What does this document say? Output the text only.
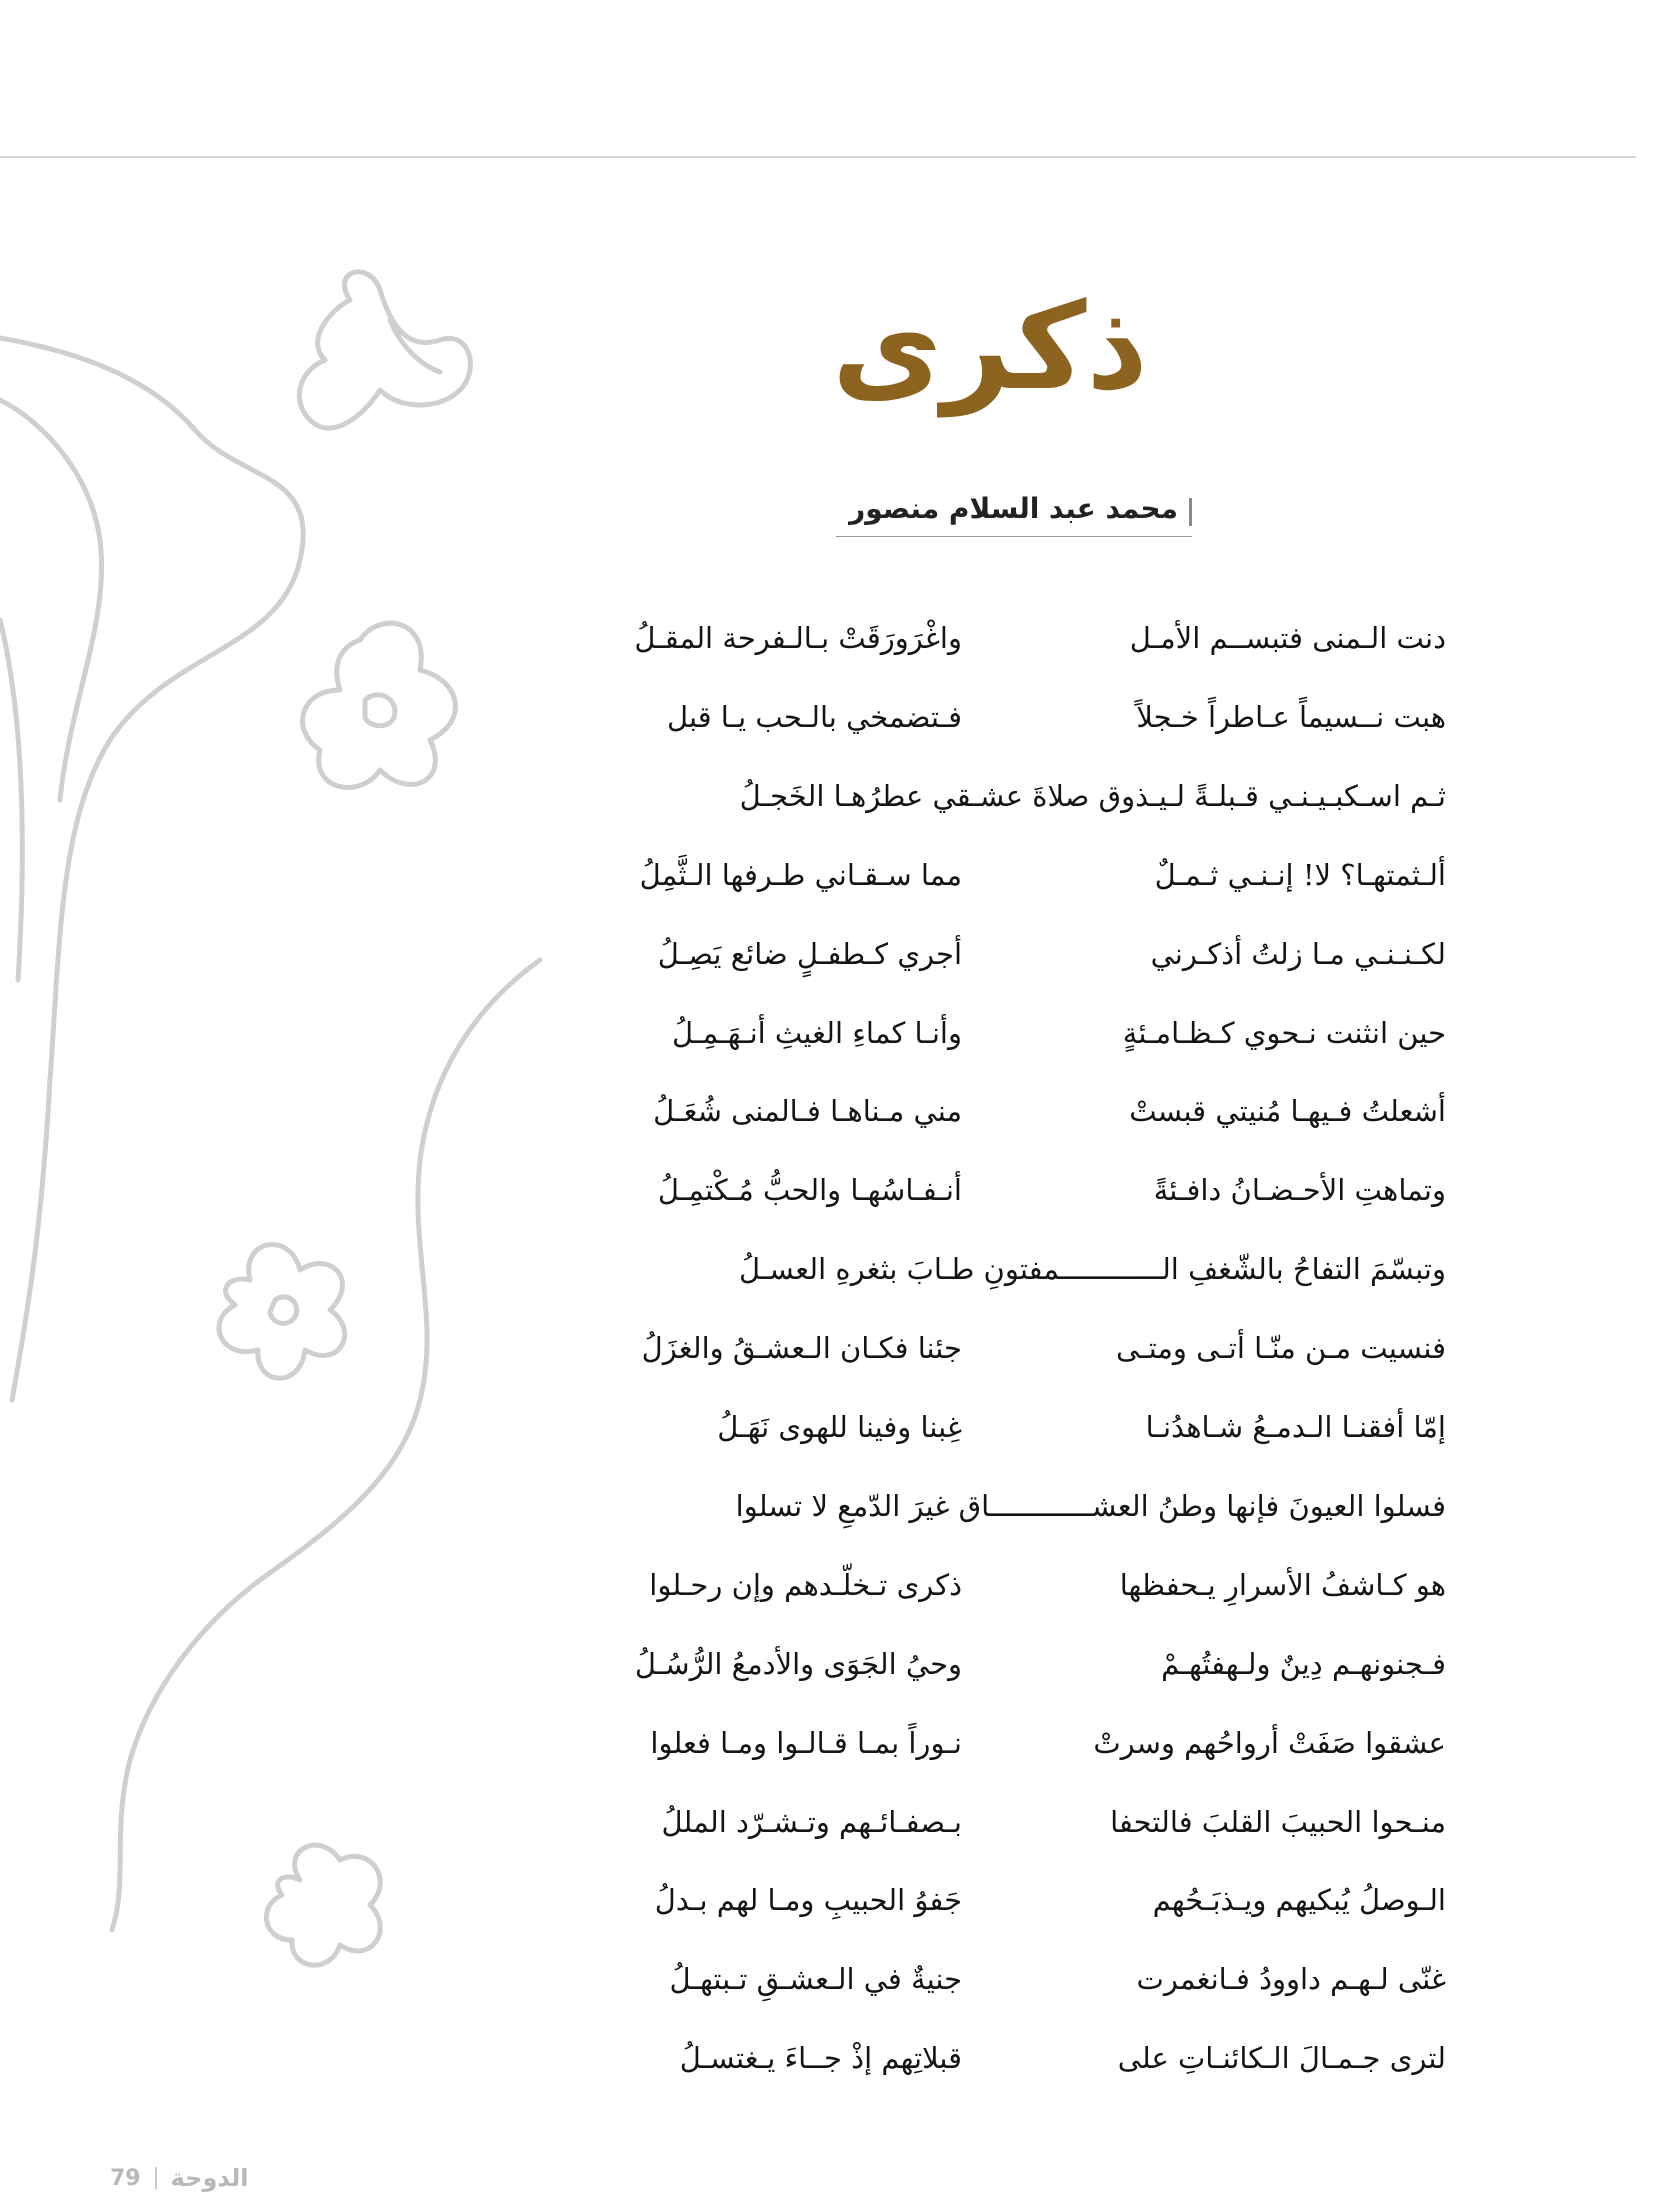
ذكرى
محمد عبد السلام منصور
دنت الـمنى فتبســم الأمـل
واغْرَورَقَتْ بـالـفرحة المقـلُ
هبت نــسيماً عـاطراً خـجلاً
فـتضمخي بالـحب يـا قبل
ثـم اسـكبـيـنـي قـبلـةً لـيـذوق صلاةَ عشـقي عطرُهـا الخَجـلُ
ألـثمتهـا؟ لا! إنـنـي ثـمـلٌ
مما سـقـاني طـرفها الـثَّمِلُ
لكـنـنـي مـا زلتُ أذكـرني
أجري كـطفـلٍ ضائع يَصِـلُ
حين انثنت نـحوي كـظـامـئةٍ
وأنـا كماءِ الغيثِ أنـهَـمِـلُ
أشعلتُ فـيهـا مُنيتي قبستْ
مني مـناهـا فـالمنى شُعَـلُ
وتماهتِ الأحـضـانُ دافـئةً
أنـفـاسُهـا والحبُّ مُـكْتمِـلُ
وتبسّمَ التفاحُ بالشّغفِ الــــــــــــمفتونِ طـابَ بثغرهِ العسـلُ
فنسيت مـن منّـا أتـى ومتـى
جئنا فكـان الـعشـقُ والغزَلُ
إمّا أفقنـا الـدمـعُ شـاهدُنـا
غِبنا وفينا للهوى نَهَـلُ
فسلوا العيونَ فإنها وطنُ العشــــــــــــاق غيرَ الدّمعِ لا تسلوا
هو كـاشفُ الأسرارِ يـحفظها
ذكرى تـخلّـدهم وإن رحـلوا
فـجنونهـم دِينٌ ولـهفتُهـمْ
وحيُ الجَوَى والأدمعُ الرُّسُـلُ
عشقوا صَفَتْ أرواحُهم وسرتْ
نـوراً بمـا قـالـوا ومـا فعلوا
منـحوا الحبيبَ القلبَ فالتحفا
بـصفـائـهم وتـشـرّد المللُ
الـوصلُ يُبكيهم ويـذبَـحُهم
جَفوُ الحبيبِ ومـا لهم بـدلُ
غنّى لـهـم داوودُ فـانغمرت
جنيةٌ في الـعشـقِ تـبتهـلُ
لترى جـمـالَ الـكائنـاتِ على
قبلاتِهم إذْ جــاءَ يـغتسـلُ
79 الدوحة
